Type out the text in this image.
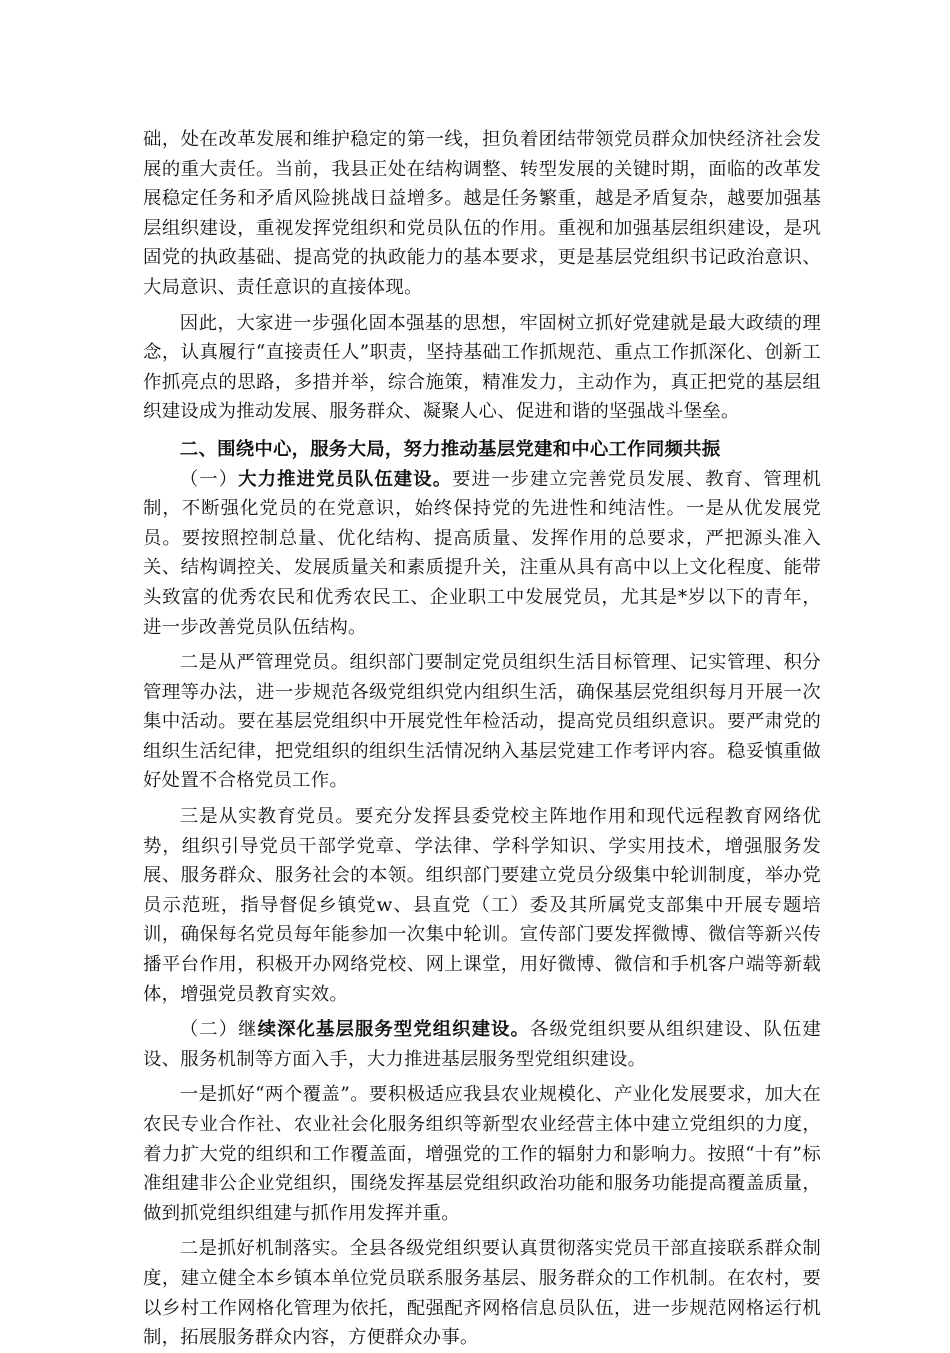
础，处在改革发展和维护稳定的第一线，担负着团结带领党员群众加快经济社会发展的重大责任。当前，我县正处在结构调整、转型发展的关键时期，面临的改革发展稳定任务和矛盾风险挑战日益增多。越是任务繁重，越是矛盾复杂，越要加强基层组织建设，重视发挥党组织和党员队伍的作用。重视和加强基层组织建设，是巩固党的执政基础、提高党的执政能力的基本要求，更是基层党组织书记政治意识、大局意识、责任意识的直接体现。

因此，大家进一步强化固本强基的思想，牢固树立抓好党建就是最大政绩的理念，认真履行“直接责任人”职责，坚持基础工作抓规范、重点工作抓深化、创新工作抓亮点的思路，多措并举，综合施策，精准发力，主动作为，真正把党的基层组织建设成为推动发展、服务群众、凝聚人心、促进和谐的坚强战斗堡垒。

二、围绕中心，服务大局，努力推动基层党建和中心工作同频共振

（一）大力推进党员队伍建设。要进一步建立完善党员发展、教育、管理机制，不断强化党员的在党意识，始终保持党的先进性和纯洁性。一是从优发展党员。要按照控制总量、优化结构、提高质量、发挥作用的总要求，严把源头准入关、结构调控关、发展质量关和素质提升关，注重从具有高中以上文化程度、能带头致富的优秀农民和优秀农民工、企业职工中发展党员，尤其是*岁以下的青年，进一步改善党员队伍结构。

二是从严管理党员。组织部门要制定党员组织生活目标管理、记实管理、积分管理等办法，进一步规范各级党组织党内组织生活，确保基层党组织每月开展一次集中活动。要在基层党组织中开展党性年检活动，提高党员组织意识。要严肃党的组织生活纪律，把党组织的组织生活情况纳入基层党建工作考评内容。稳妥慎重做好处置不合格党员工作。

三是从实教育党员。要充分发挥县委党校主阵地作用和现代远程教育网络优势，组织引导党员干部学党章、学法律、学科学知识、学实用技术，增强服务发展、服务群众、服务社会的本领。组织部门要建立党员分级集中轮训制度，举办党员示范班，指导督促乡镇党w、县直党（工）委及其所属党支部集中开展专题培训，确保每名党员每年能参加一次集中轮训。宣传部门要发挥微博、微信等新兴传播平台作用，积极开办网络党校、网上课堂，用好微博、微信和手机客户端等新载体，增强党员教育实效。

（二）继续深化基层服务型党组织建设。各级党组织要从组织建设、队伍建设、服务机制等方面入手，大力推进基层服务型党组织建设。

一是抓好“两个覆盖”。要积极适应我县农业规模化、产业化发展要求，加大在农民专业合作社、农业社会化服务组织等新型农业经营主体中建立党组织的力度，着力扩大党的组织和工作覆盖面，增强党的工作的辐射力和影响力。按照“十有”标准组建非公企业党组织，围绕发挥基层党组织政治功能和服务功能提高覆盖质量，做到抓党组织组建与抓作用发挥并重。

二是抓好机制落实。全县各级党组织要认真贯彻落实党员干部直接联系群众制度，建立健全本乡镇本单位党员联系服务基层、服务群众的工作机制。在农村，要以乡村工作网格化管理为依托，配强配齐网格信息员队伍，进一步规范网格运行机制，拓展服务群众内容，方便群众办事。
